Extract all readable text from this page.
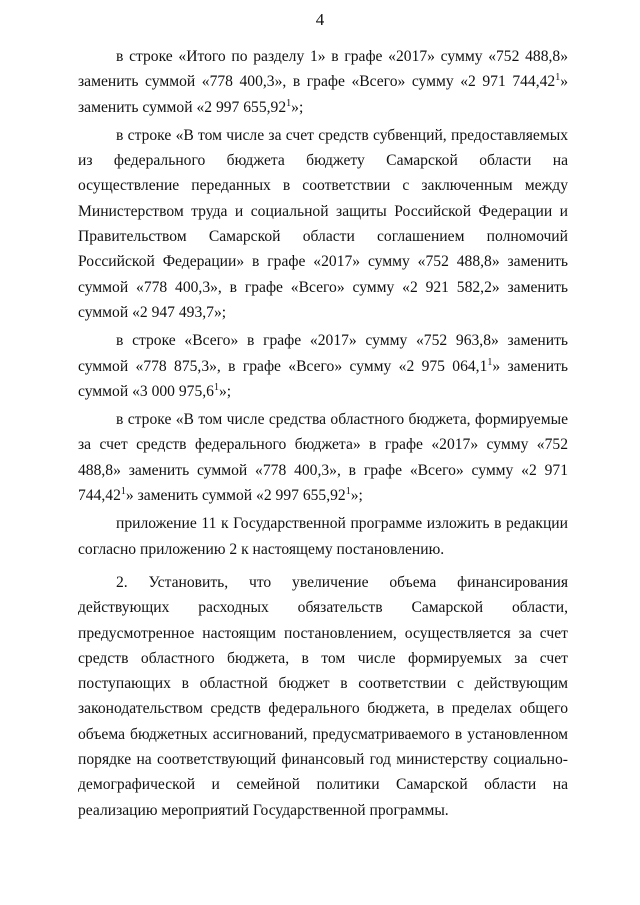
4

в строке «Итого по разделу 1» в графе «2017» сумму «752 488,8» заменить суммой «778 400,3», в графе «Всего» сумму «2 971 744,42$^1$» заменить суммой «2 997 655,92$^1$»;

в строке «В том числе за счет средств субвенций, предоставляемых из федерального бюджета бюджету Самарской области на осуществление переданных в соответствии с заключенным между Министерством труда и социальной защиты Российской Федерации и Правительством Самарской области соглашением полномочий Российской Федерации» в графе «2017» сумму «752 488,8» заменить суммой «778 400,3», в графе «Всего» сумму «2 921 582,2» заменить суммой «2 947 493,7»;

в строке «Всего» в графе «2017» сумму «752 963,8» заменить суммой «778 875,3», в графе «Всего» сумму «2 975 064,1$^1$» заменить суммой «3 000 975,6$^1$»;

в строке «В том числе средства областного бюджета, формируемые за счет средств федерального бюджета» в графе «2017» сумму «752 488,8» заменить суммой «778 400,3», в графе «Всего» сумму «2 971 744,42$^1$» заменить суммой «2 997 655,92$^1$»;

приложение 11 к Государственной программе изложить в редакции согласно приложению 2 к настоящему постановлению.

2. Установить, что увеличение объема финансирования действующих расходных обязательств Самарской области, предусмотренное настоящим постановлением, осуществляется за счет средств областного бюджета, в том числе формируемых за счет поступающих в областной бюджет в соответствии с действующим законодательством средств федерального бюджета, в пределах общего объема бюджетных ассигнований, предусматриваемого в установленном порядке на соответствующий финансовый год министерству социально-демографической и семейной политики Самарской области на реализацию мероприятий Государственной программы.
